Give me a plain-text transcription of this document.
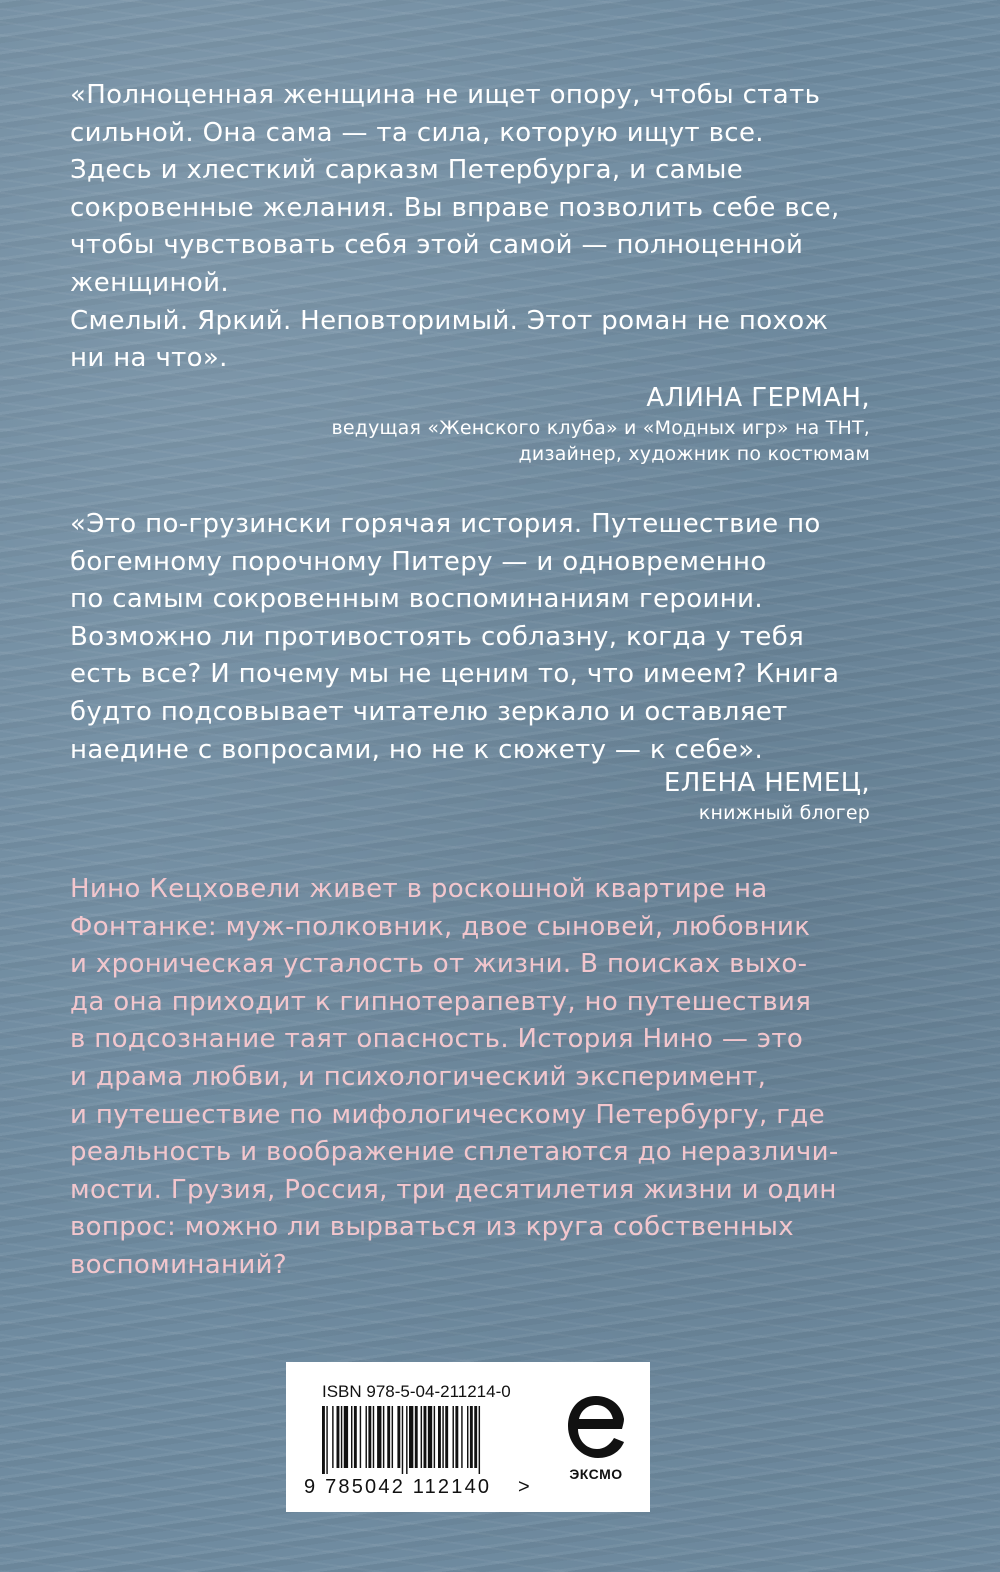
«Полноценная женщина не ищет опору, чтобы стать
сильной. Она сама — та сила, которую ищут все.
Здесь и хлесткий сарказм Петербурга, и самые
сокровенные желания. Вы вправе позволить себе все,
чтобы чувствовать себя этой самой — полноценной
женщиной.
Смелый. Яркий. Неповторимый. Этот роман не похож
ни на что».

АЛИНА ГЕРМАН,
ведущая «Женского клуба» и «Модных игр» на ТНТ,
дизайнер, художник по костюмам

«Это по-грузински горячая история. Путешествие по
богемному порочному Питеру — и одновременно
по самым сокровенным воспоминаниям героини.
Возможно ли противостоять соблазну, когда у тебя
есть все? И почему мы не ценим то, что имеем? Книга
будто подсовывает читателю зеркало и оставляет
наедине с вопросами, но не к сюжету — к себе».

ЕЛЕНА НЕМЕЦ,
книжный блогер

Нино Кецховели живет в роскошной квартире на
Фонтанке: муж-полковник, двое сыновей, любовник
и хроническая усталость от жизни. В поисках выхо-
да она приходит к гипнотерапевту, но путешествия
в подсознание таят опасность. История Нино — это
и драма любви, и психологический эксперимент,
и путешествие по мифологическому Петербургу, где
реальность и воображение сплетаются до неразличи-
мости. Грузия, Россия, три десятилетия жизни и один
вопрос: можно ли вырваться из круга собственных
воспоминаний?

ISBN 978-5-04-211214-0
9 785042 112140 >
ЭКСМО
